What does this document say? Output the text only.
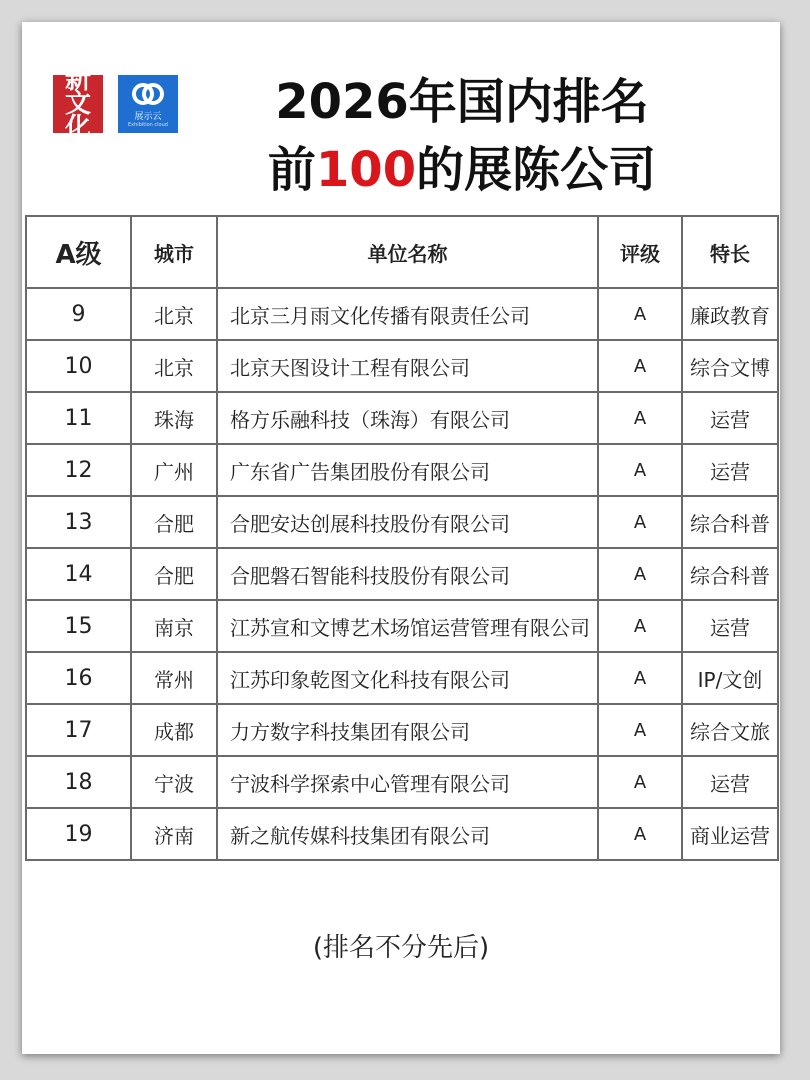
新文化	展示云
Exhibition cloud	2026年国内排名
前100的展陈公司
A级	城市	单位名称	评级	特长
9	北京	北京三月雨文化传播有限责任公司	A	廉政教育
10	北京	北京天图设计工程有限公司	A	综合文博
11	珠海	格方乐融科技（珠海）有限公司	A	运营
12	广州	广东省广告集团股份有限公司	A	运营
13	合肥	合肥安达创展科技股份有限公司	A	综合科普
14	合肥	合肥磐石智能科技股份有限公司	A	综合科普
15	南京	江苏宣和文博艺术场馆运营管理有限公司	A	运营
16	常州	江苏印象乾图文化科技有限公司	A	IP/文创
17	成都	力方数字科技集团有限公司	A	综合文旅
18	宁波	宁波科学探索中心管理有限公司	A	运营
19	济南	新之航传媒科技集团有限公司	A	商业运营
(排名不分先后)
